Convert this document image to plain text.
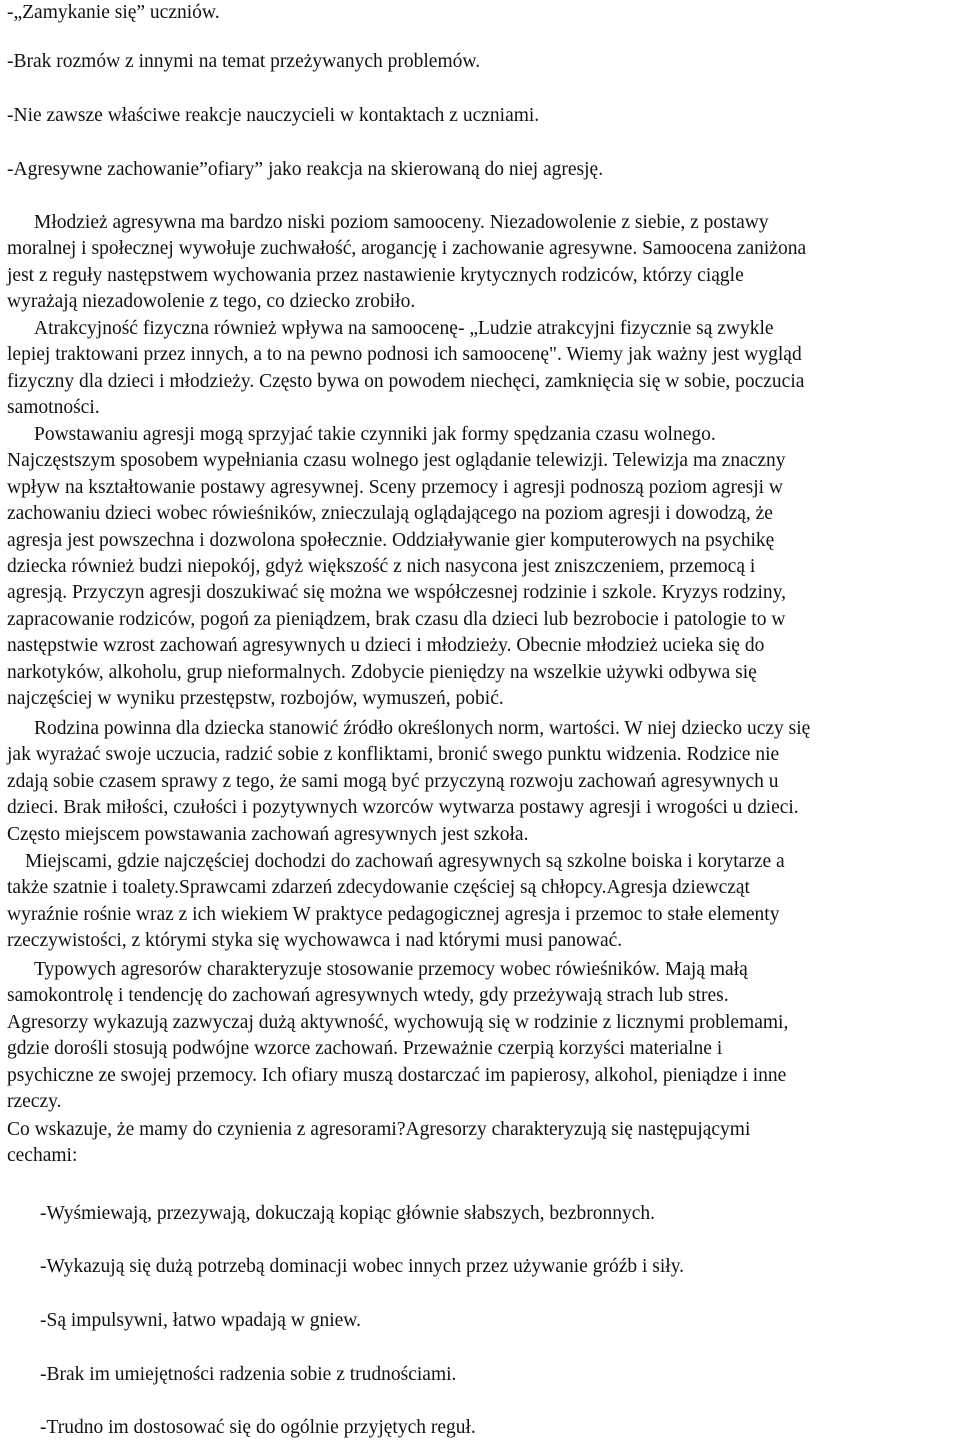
-„Zamykanie się” uczniów.

-Brak rozmów z innymi na temat przeżywanych problemów.

-Nie zawsze właściwe reakcje nauczycieli w kontaktach z uczniami.

-Agresywne zachowanie”ofiary” jako reakcja na skierowaną do niej agresję.

Młodzież agresywna ma bardzo niski poziom samooceny. Niezadowolenie z siebie, z postawy
moralnej i społecznej wywołuje zuchwałość, arogancję i zachowanie agresywne. Samoocena zaniżona
jest z reguły następstwem wychowania przez nastawienie krytycznych rodziców, którzy ciągle
wyrażają niezadowolenie z tego, co dziecko zrobiło.
Atrakcyjność fizyczna również wpływa na samoocenę- „Ludzie atrakcyjni fizycznie są zwykle
lepiej traktowani przez innych, a to na pewno podnosi ich samoocenę". Wiemy jak ważny jest wygląd
fizyczny dla dzieci i młodzieży. Często bywa on powodem niechęci, zamknięcia się w sobie, poczucia
samotności.
Powstawaniu agresji mogą sprzyjać takie czynniki jak formy spędzania czasu wolnego.
Najczęstszym sposobem wypełniania czasu wolnego jest oglądanie telewizji. Telewizja ma znaczny
wpływ na kształtowanie postawy agresywnej. Sceny przemocy i agresji podnoszą poziom agresji w
zachowaniu dzieci wobec rówieśników, znieczulają oglądającego na poziom agresji i dowodzą, że
agresja jest powszechna i dozwolona społecznie. Oddziaływanie gier komputerowych na psychikę
dziecka również budzi niepokój, gdyż większość z nich nasycona jest zniszczeniem, przemocą i
agresją. Przyczyn agresji doszukiwać się można we współczesnej rodzinie i szkole. Kryzys rodziny,
zapracowanie rodziców, pogoń za pieniądzem, brak czasu dla dzieci lub bezrobocie i patologie to w
następstwie wzrost zachowań agresywnych u dzieci i młodzieży. Obecnie młodzież ucieka się do
narkotyków, alkoholu, grup nieformalnych. Zdobycie pieniędzy na wszelkie używki odbywa się
najczęściej w wyniku przestępstw, rozbojów, wymuszeń, pobić.
Rodzina powinna dla dziecka stanowić źródło określonych norm, wartości. W niej dziecko uczy się
jak wyrażać swoje uczucia, radzić sobie z konfliktami, bronić swego punktu widzenia. Rodzice nie
zdają sobie czasem sprawy z tego, że sami mogą być przyczyną rozwoju zachowań agresywnych u
dzieci. Brak miłości, czułości i pozytywnych wzorców wytwarza postawy agresji i wrogości u dzieci.
Często miejscem powstawania zachowań agresywnych jest szkoła.
Miejscami, gdzie najczęściej dochodzi do zachowań agresywnych są szkolne boiska i korytarze a
także szatnie i toalety.Sprawcami zdarzeń zdecydowanie częściej są chłopcy.Agresja dziewcząt
wyraźnie rośnie wraz z ich wiekiem W praktyce pedagogicznej agresja i przemoc to stałe elementy
rzeczywistości, z którymi styka się wychowawca i nad którymi musi panować.
Typowych agresorów charakteryzuje stosowanie przemocy wobec rówieśników. Mają małą
samokontrolę i tendencję do zachowań agresywnych wtedy, gdy przeżywają strach lub stres.
Agresorzy wykazują zazwyczaj dużą aktywność, wychowują się w rodzinie z licznymi problemami,
gdzie dorośli stosują podwójne wzorce zachowań. Przeważnie czerpią korzyści materialne i
psychiczne ze swojej przemocy. Ich ofiary muszą dostarczać im papierosy, alkohol, pieniądze i inne
rzeczy.
Co wskazuje, że mamy do czynienia z agresorami?Agresorzy charakteryzują się następującymi
cechami:

-Wyśmiewają, przezywają, dokuczają kopiąc głównie słabszych, bezbronnych.

-Wykazują się dużą potrzebą dominacji wobec innych przez używanie gróźb i siły.

-Są impulsywni, łatwo wpadają w gniew.

-Brak im umiejętności radzenia sobie z trudnościami.

-Trudno im dostosować się do ogólnie przyjętych reguł.
